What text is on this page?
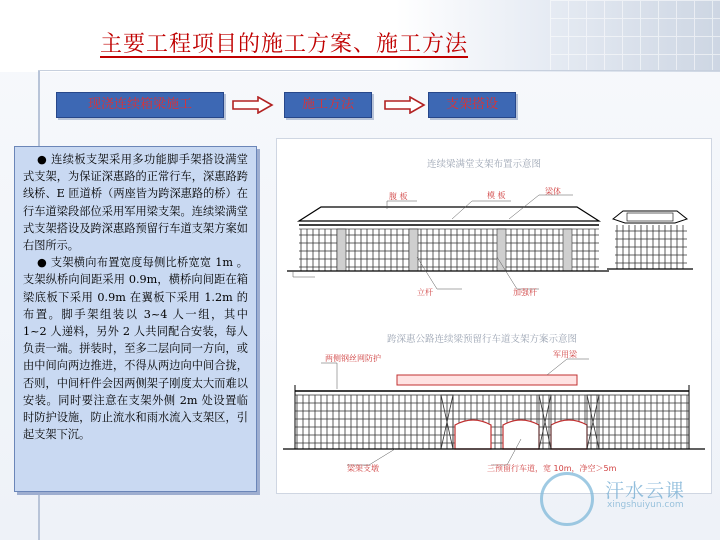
主要工程项目的施工方案、施工方法
现浇连续箱梁施工	施工方法	支架搭设

● 连续板支架采用多功能脚手架搭设满堂式支架，为保证深惠路的正常行车，深惠路跨线桥、E 匝道桥（两座皆为跨深惠路的桥）在行车道梁段部位采用军用梁支架。连续梁满堂式支架搭设及跨深惠路预留行车道支架方案如右图所示。

● 支架横向布置宽度每侧比桥宽宽 1m 。支架纵桥向间距采用 0.9m，横桥向间距在箱梁底板下采用 0.9m 在翼板下采用 1.2m 的布置。脚手架组装以 3~4 人一组，其中 1~2 人递料，另外 2 人共同配合安装，每人负责一端。拼装时，至多二层向同一方向，或由中间向两边推进，不得从两边向中间合拢，否则，中间杆件会因两侧架子刚度太大而难以安装。同时要注意在支架外侧 2m 处设置临时防护设施，防止流水和雨水流入支架区，引起支架下沉。

连续梁满堂支架布置示意图
腹 板	模 板	梁体
立杆	加强杆
跨深惠公路连续梁预留行车道支架方案示意图
两侧钢丝网防护	军用梁
梁架支墩	三预留行车道，宽 10m，净空＞5m
汗水云课
xingshuiyun.com
